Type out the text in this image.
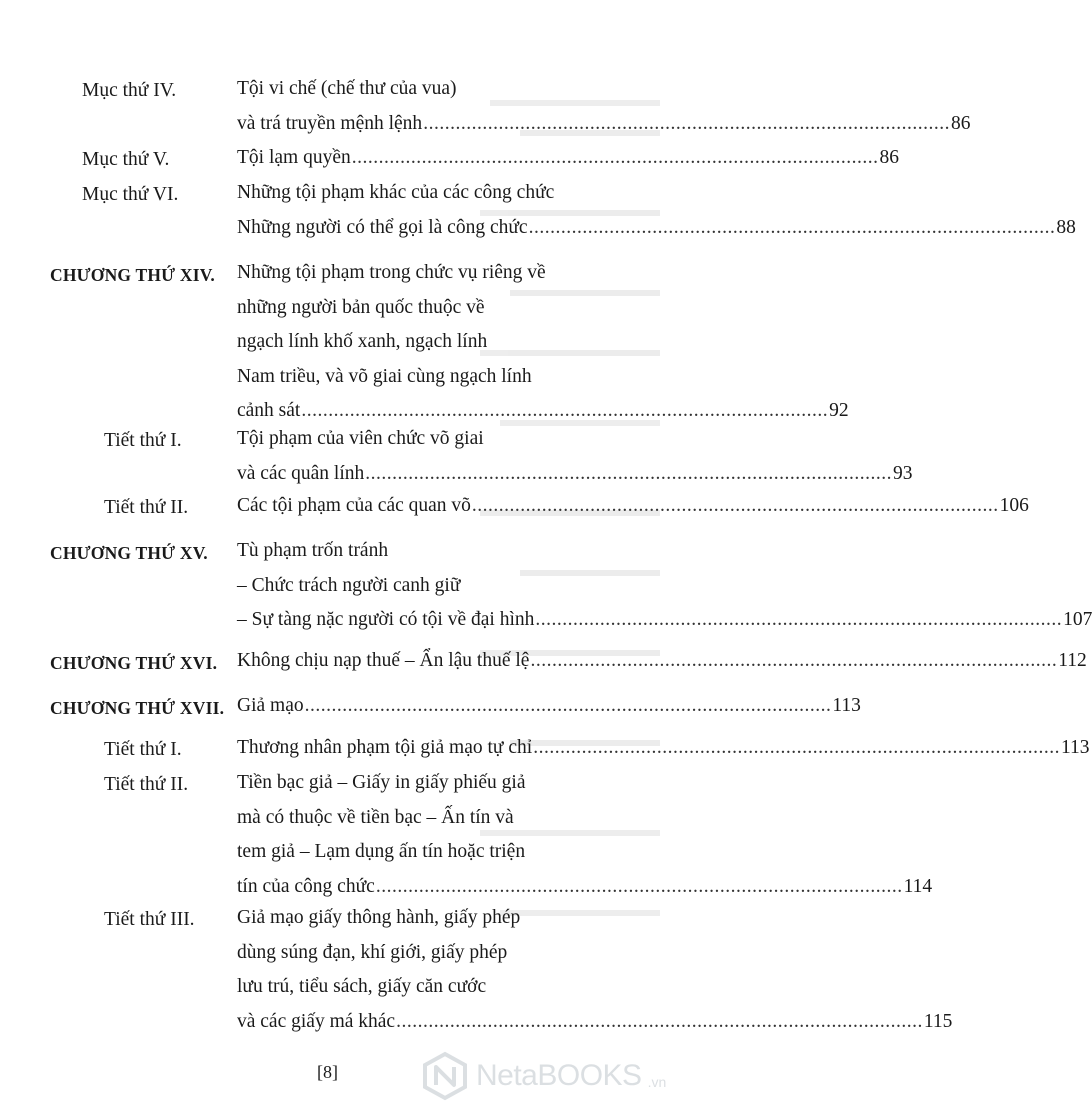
Mục thứ IV.	Tội vi chế (chế thư của vua)
và trá truyền mệnh lệnh .................................................................................................. 86
Mục thứ V.	Tội lạm quyền .................................................................................................. 86
Mục thứ VI.	Những tội phạm khác của các công chức
Những người có thể gọi là công chức .................................................................................................. 88
CHƯƠNG THỨ XIV. Những tội phạm trong chức vụ riêng về
những người bản quốc thuộc về
ngạch lính khố xanh, ngạch lính
Nam triều, và võ giai cùng ngạch lính
cảnh sát .................................................................................................. 92
Tiết thứ I.	Tội phạm của viên chức võ giai
và các quân lính .................................................................................................. 93
Tiết thứ II.	Các tội phạm của các quan võ .................................................................................................. 106
CHƯƠNG THỨ XV. Tù phạm trốn tránh
– Chức trách người canh giữ
– Sự tàng nặc người có tội về đại hình .................................................................................................. 107
CHƯƠNG THỨ XVI. Không chịu nạp thuế – Ẩn lậu thuế lệ .................................................................................................. 112
CHƯƠNG THỨ XVII. Giả mạo .................................................................................................. 113
Tiết thứ I.	Thương nhân phạm tội giả mạo tự chỉ .................................................................................................. 113
Tiết thứ II.	Tiền bạc giả – Giấy in giấy phiếu giả
mà có thuộc về tiền bạc – Ấn tín và
tem giả – Lạm dụng ấn tín hoặc triện
tín của công chức .................................................................................................. 114
Tiết thứ III. Giả mạo giấy thông hành, giấy phép
dùng súng đạn, khí giới, giấy phép
lưu trú, tiểu sách, giấy căn cước
và các giấy má khác .................................................................................................. 115
[8]	NetaBOOKS .vn
